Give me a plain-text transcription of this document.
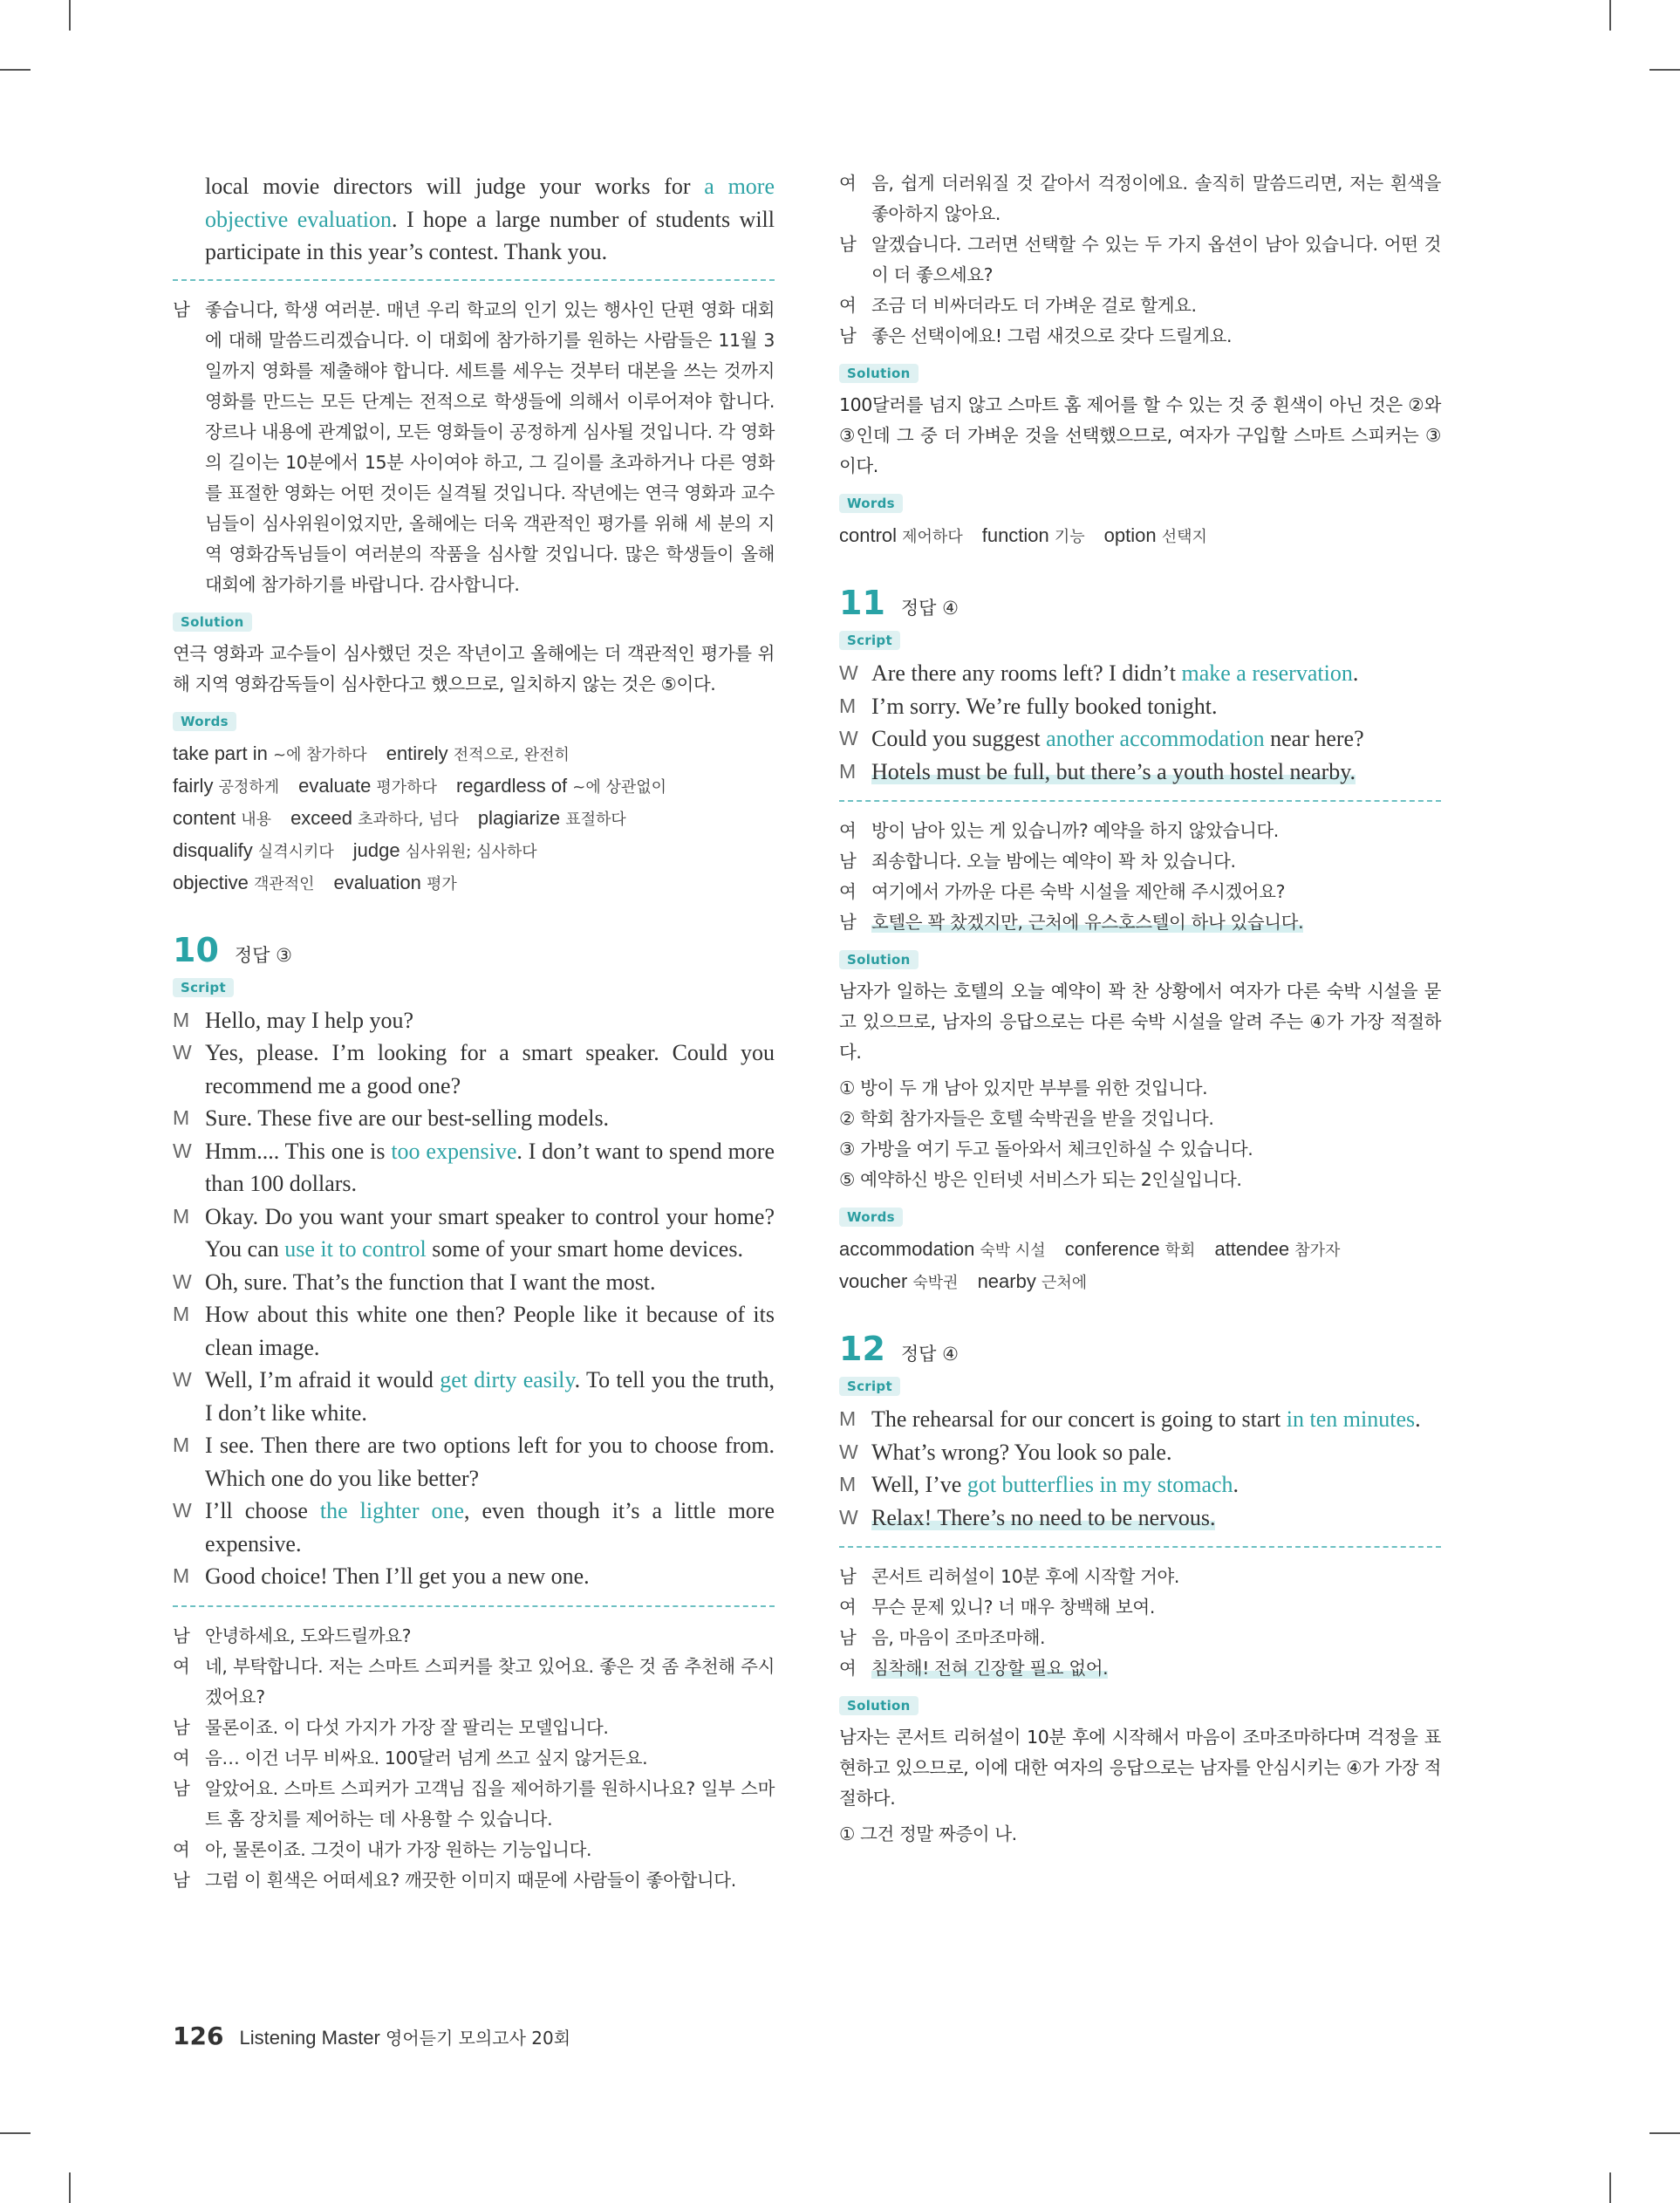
local movie directors will judge your works for a more objective evaluation. I hope a large number of students will participate in this year’s contest. Thank you.
남 좋습니다, 학생 여러분. 매년 우리 학교의 인기 있는 행사인 단편 영화 대회에 대해 말씀드리겠습니다. 이 대회에 참가하기를 원하는 사람들은 11월 3일까지 영화를 제출해야 합니다. 세트를 세우는 것부터 대본을 쓰는 것까지 영화를 만드는 모든 단계는 전적으로 학생들에 의해서 이루어져야 합니다. 장르나 내용에 관계없이, 모든 영화들이 공정하게 심사될 것입니다. 각 영화의 길이는 10분에서 15분 사이여야 하고, 그 길이를 초과하거나 다른 영화를 표절한 영화는 어떤 것이든 실격될 것입니다. 작년에는 연극 영화과 교수님들이 심사위원이었지만, 올해에는 더욱 객관적인 평가를 위해 세 분의 지역 영화감독님들이 여러분의 작품을 심사할 것입니다. 많은 학생들이 올해 대회에 참가하기를 바랍니다. 감사합니다.
Solution
연극 영화과 교수들이 심사했던 것은 작년이고 올해에는 더 객관적인 평가를 위해 지역 영화감독들이 심사한다고 했으므로, 일치하지 않는 것은 ⑤이다.
Words
take part in ~에 참가하다 entirely 전적으로, 완전히
fairly 공정하게 evaluate 평가하다 regardless of ~에 상관없이
content 내용 exceed 초과하다, 넘다 plagiarize 표절하다
disqualify 실격시키다 judge 심사위원; 심사하다
objective 객관적인 evaluation 평가
10 정답 ③
Script
M Hello, may I help you?
W Yes, please. I’m looking for a smart speaker. Could you recommend me a good one?
M Sure. These five are our best-selling models.
W Hmm.... This one is too expensive. I don’t want to spend more than 100 dollars.
M Okay. Do you want your smart speaker to control your home? You can use it to control some of your smart home devices.
W Oh, sure. That’s the function that I want the most.
M How about this white one then? People like it because of its clean image.
W Well, I’m afraid it would get dirty easily. To tell you the truth, I don’t like white.
M I see. Then there are two options left for you to choose from. Which one do you like better?
W I’ll choose the lighter one, even though it’s a little more expensive.
M Good choice! Then I’ll get you a new one.
남 안녕하세요, 도와드릴까요?
여 네, 부탁합니다. 저는 스마트 스피커를 찾고 있어요. 좋은 것 좀 추천해 주시겠어요?
남 물론이죠. 이 다섯 가지가 가장 잘 팔리는 모델입니다.
여 음… 이건 너무 비싸요. 100달러 넘게 쓰고 싶지 않거든요.
남 알았어요. 스마트 스피커가 고객님 집을 제어하기를 원하시나요? 일부 스마트 홈 장치를 제어하는 데 사용할 수 있습니다.
여 아, 물론이죠. 그것이 내가 가장 원하는 기능입니다.
남 그럼 이 흰색은 어떠세요? 깨끗한 이미지 때문에 사람들이 좋아합니다.
여 음, 쉽게 더러워질 것 같아서 걱정이에요. 솔직히 말씀드리면, 저는 흰색을 좋아하지 않아요.
남 알겠습니다. 그러면 선택할 수 있는 두 가지 옵션이 남아 있습니다. 어떤 것이 더 좋으세요?
여 조금 더 비싸더라도 더 가벼운 걸로 할게요.
남 좋은 선택이에요! 그럼 새것으로 갖다 드릴게요.
Solution
100달러를 넘지 않고 스마트 홈 제어를 할 수 있는 것 중 흰색이 아닌 것은 ②와 ③인데 그 중 더 가벼운 것을 선택했으므로, 여자가 구입할 스마트 스피커는 ③이다.
Words
control 제어하다 function 기능 option 선택지
11 정답 ④
Script
W Are there any rooms left? I didn’t make a reservation.
M I’m sorry. We’re fully booked tonight.
W Could you suggest another accommodation near here?
M Hotels must be full, but there’s a youth hostel nearby.
여 방이 남아 있는 게 있습니까? 예약을 하지 않았습니다.
남 죄송합니다. 오늘 밤에는 예약이 꽉 차 있습니다.
여 여기에서 가까운 다른 숙박 시설을 제안해 주시겠어요?
남 호텔은 꽉 찼겠지만, 근처에 유스호스텔이 하나 있습니다.
Solution
남자가 일하는 호텔의 오늘 예약이 꽉 찬 상황에서 여자가 다른 숙박 시설을 묻고 있으므로, 남자의 응답으로는 다른 숙박 시설을 알려 주는 ④가 가장 적절하다.
① 방이 두 개 남아 있지만 부부를 위한 것입니다.
② 학회 참가자들은 호텔 숙박권을 받을 것입니다.
③ 가방을 여기 두고 돌아와서 체크인하실 수 있습니다.
⑤ 예약하신 방은 인터넷 서비스가 되는 2인실입니다.
Words
accommodation 숙박 시설 conference 학회 attendee 참가자
voucher 숙박권 nearby 근처에
12 정답 ④
Script
M The rehearsal for our concert is going to start in ten minutes.
W What’s wrong? You look so pale.
M Well, I’ve got butterflies in my stomach.
W Relax! There’s no need to be nervous.
남 콘서트 리허설이 10분 후에 시작할 거야.
여 무슨 문제 있니? 너 매우 창백해 보여.
남 음, 마음이 조마조마해.
여 침착해! 전혀 긴장할 필요 없어.
Solution
남자는 콘서트 리허설이 10분 후에 시작해서 마음이 조마조마하다며 걱정을 표현하고 있으므로, 이에 대한 여자의 응답으로는 남자를 안심시키는 ④가 가장 적절하다.
① 그건 정말 짜증이 나.
126 Listening Master 영어듣기 모의고사 20회
